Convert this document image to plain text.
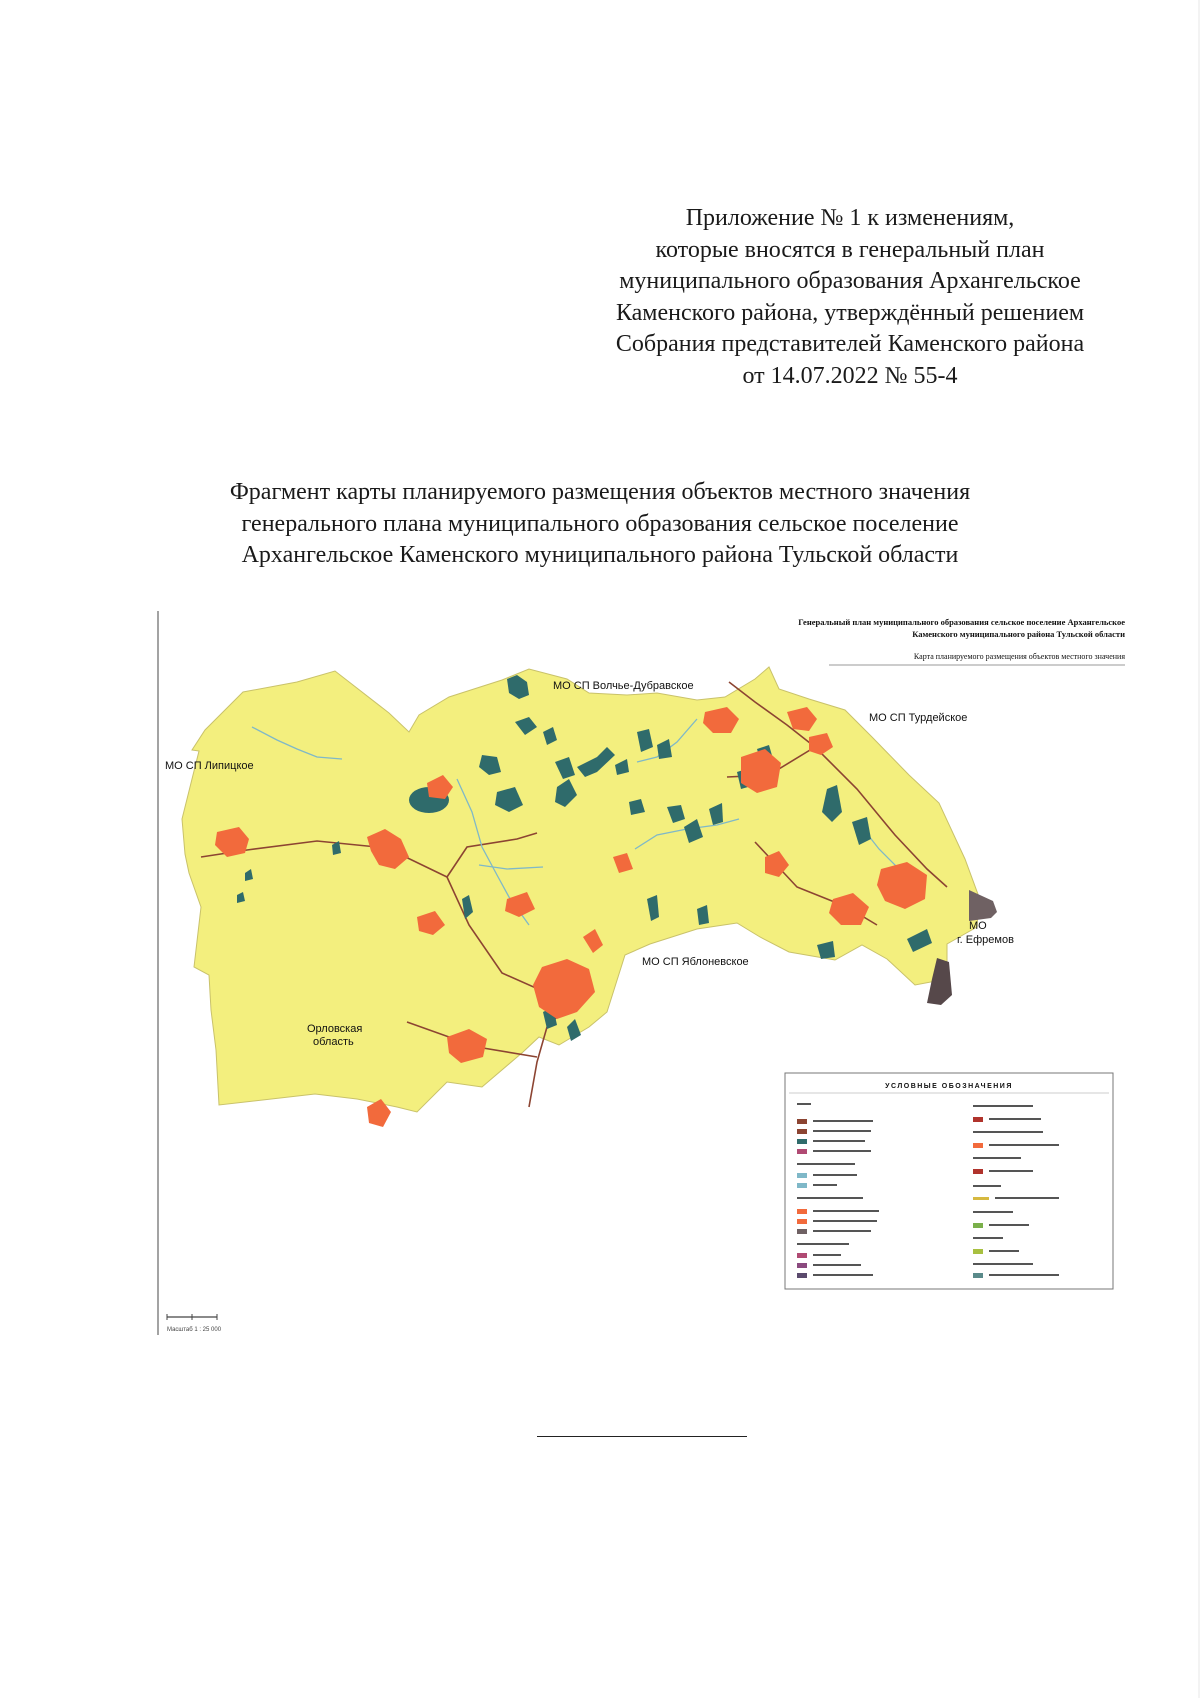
Приложение № 1 к изменениям,
которые вносятся в генеральный план
муниципального образования Архангельское
Каменского района, утверждённый решением
Собрания представителей Каменского района
от 14.07.2022 № 55-4
Фрагмент карты планируемого размещения объектов местного значения
генерального плана муниципального образования сельское поселение
Архангельское Каменского муниципального района Тульской области
МО СП Волчье-Дубравское
МО СП Турдейское
МО СП Липицкое
МО
г. Ефремов
МО СП Яблоневское
Орловская
область
Генеральный план муниципального образования сельское поселение Архангельское
Каменского муниципального района Тульской области
Карта планируемого размещения объектов местного значения
УСЛОВНЫЕ ОБОЗНАЧЕНИЯ
Масштаб 1 : 25 000
